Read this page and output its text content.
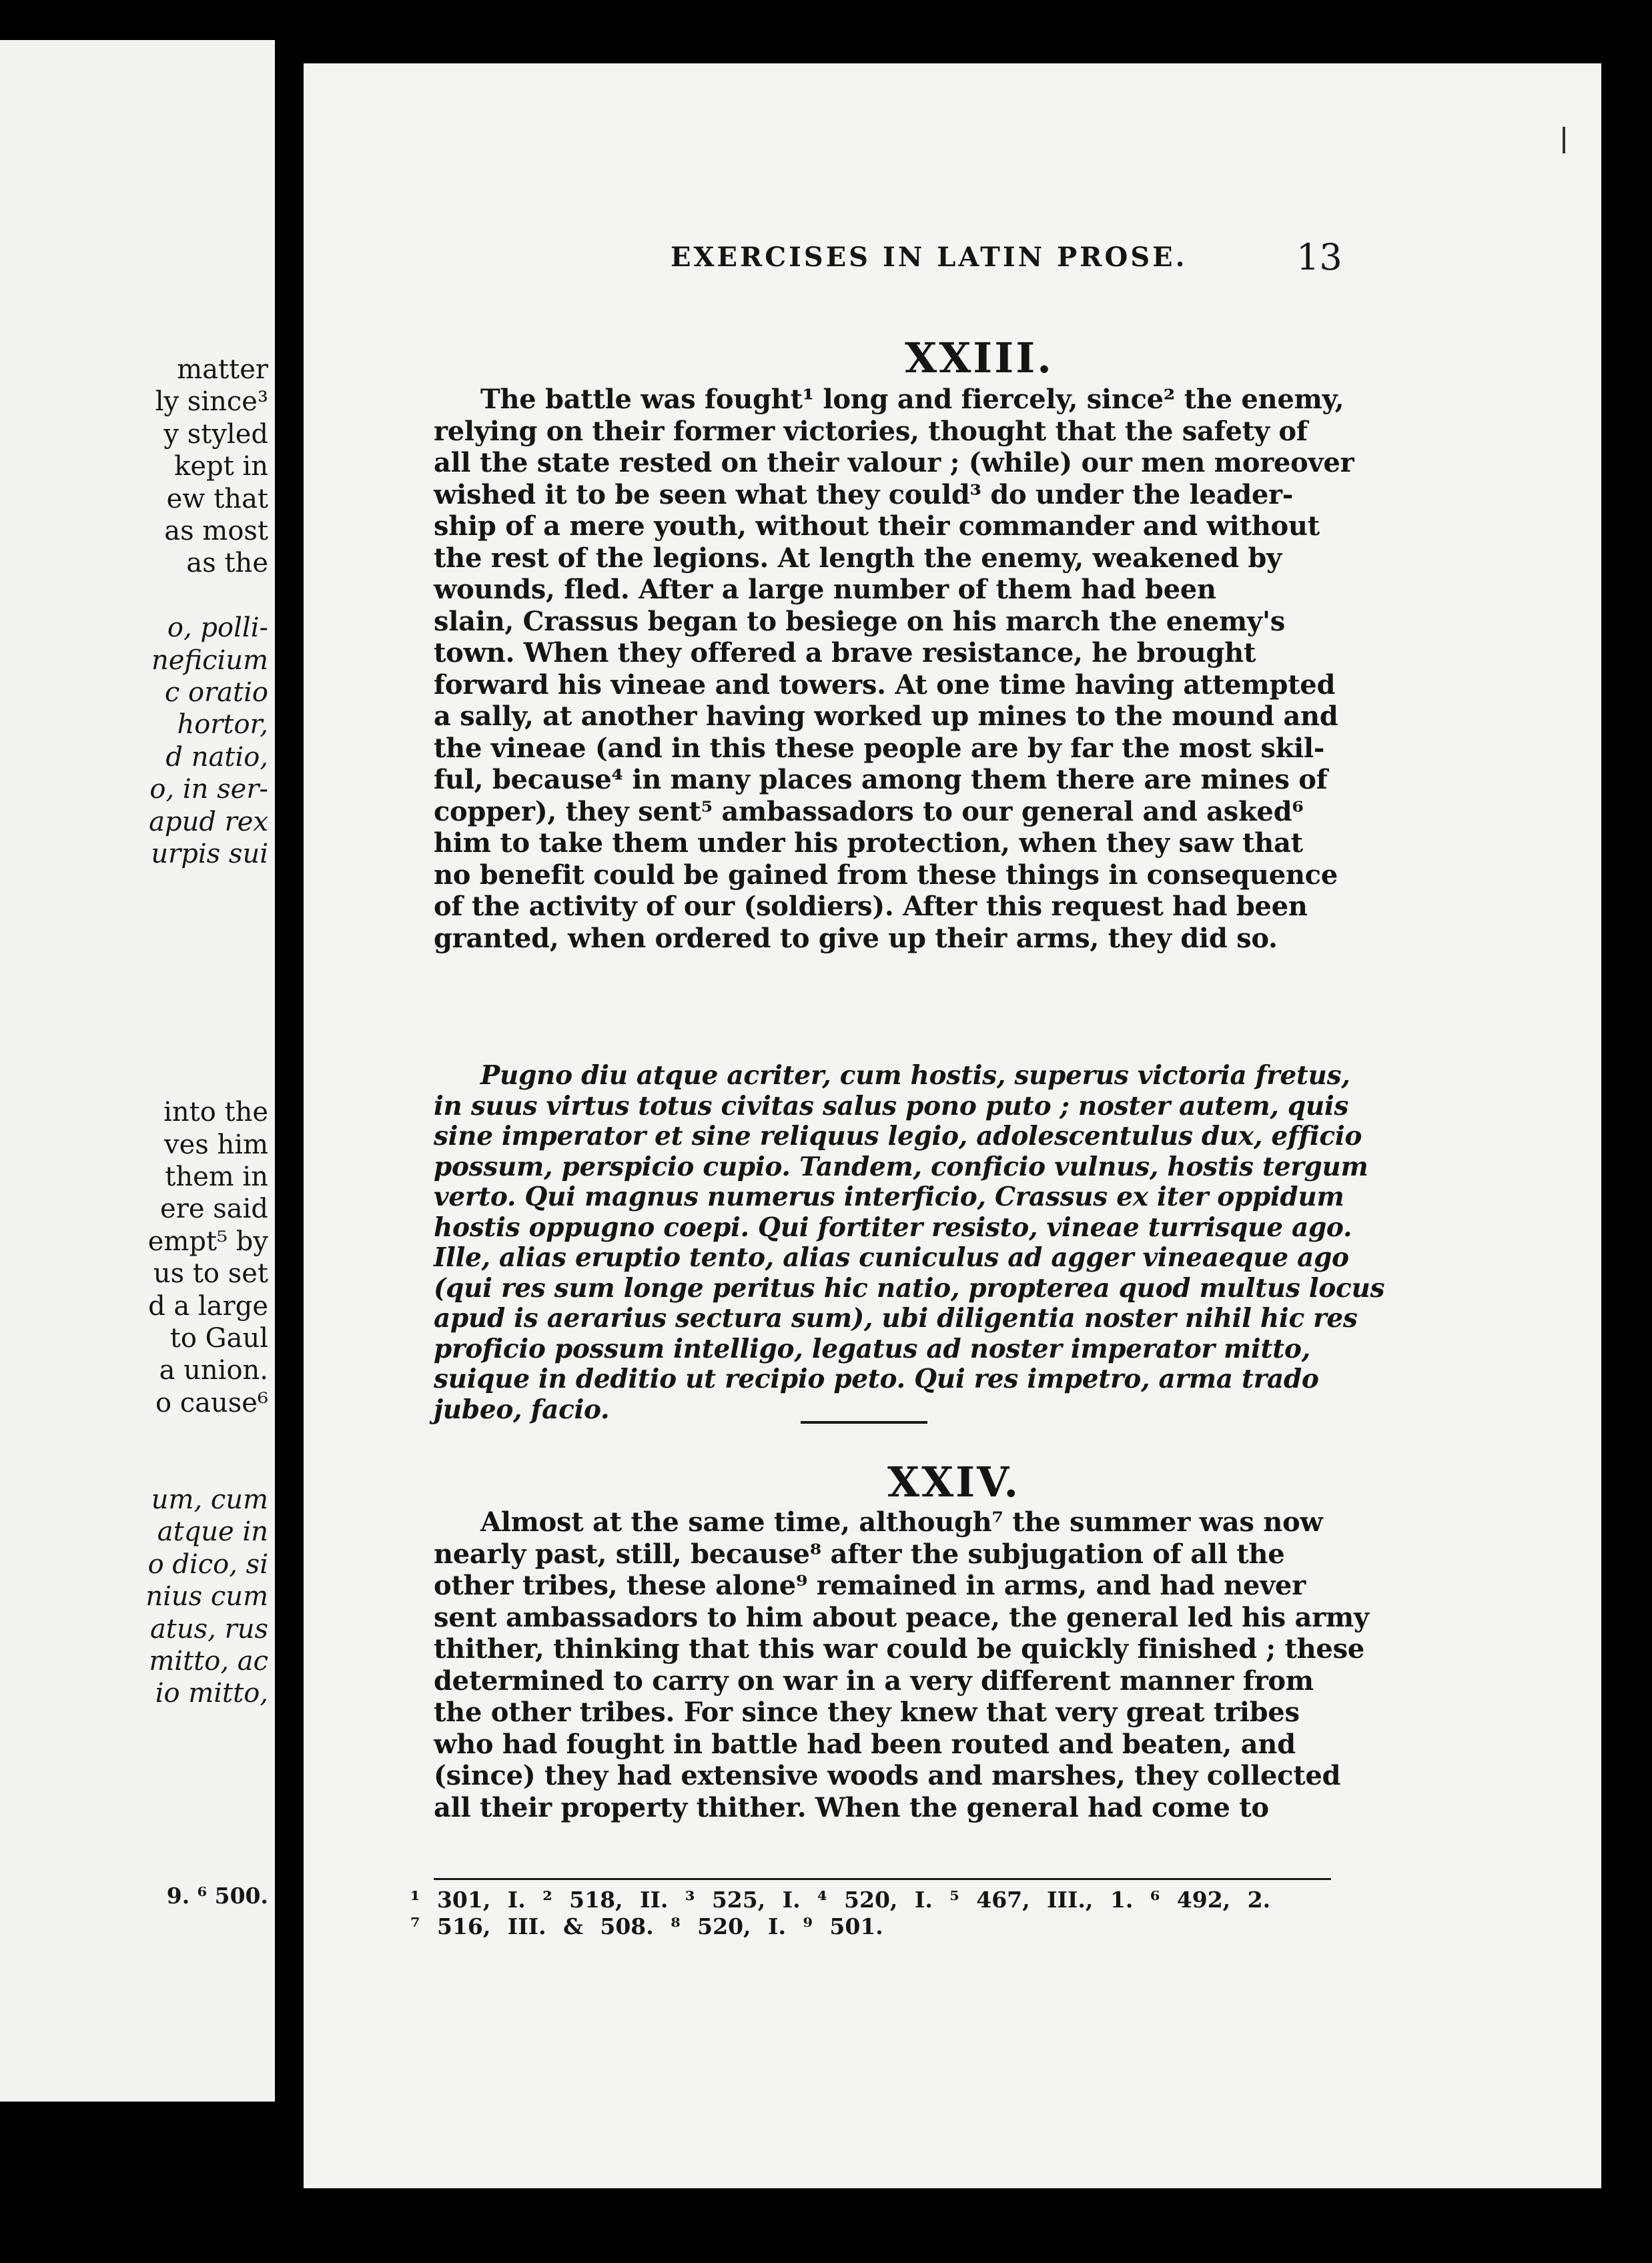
matter
ly since³
y styled
kept in
ew that
as most
as the
o, polli-
neficium
c oratio
hortor,
d natio,
o, in ser-
apud rex
urpis sui
into the
ves him
them in
ere said
empt⁵ by
us to set
d a large
to Gaul
a union.
o cause⁶
um, cum
atque in
o dico, si
nius cum
atus, rus
mitto, ac
io mitto,
9. ⁶ 500.
EXERCISES IN LATIN PROSE.	13
XXIII.

The battle was fought¹ long and fiercely, since² the enemy,

relying on their former victories, thought that the safety of

all the state rested on their valour ; (while) our men moreover

wished it to be seen what they could³ do under the leader-

ship of a mere youth, without their commander and without

the rest of the legions. At length the enemy, weakened by

wounds, fled. After a large number of them had been

slain, Crassus began to besiege on his march the enemy's

town. When they offered a brave resistance, he brought

forward his vineae and towers. At one time having attempted

a sally, at another having worked up mines to the mound and

the vineae (and in this these people are by far the most skil-

ful, because⁴ in many places among them there are mines of

copper), they sent⁵ ambassadors to our general and asked⁶

him to take them under his protection, when they saw that

no benefit could be gained from these things in consequence

of the activity of our (soldiers). After this request had been

granted, when ordered to give up their arms, they did so.

Pugno diu atque acriter, cum hostis, superus victoria fretus,

in suus virtus totus civitas salus pono puto ; noster autem, quis

sine imperator et sine reliquus legio, adolescentulus dux, efficio

possum, perspicio cupio. Tandem, conficio vulnus, hostis tergum

verto. Qui magnus numerus interficio, Crassus ex iter oppidum

hostis oppugno coepi. Qui fortiter resisto, vineae turrisque ago.

Ille, alias eruptio tento, alias cuniculus ad agger vineaeque ago

(qui res sum longe peritus hic natio, propterea quod multus locus

apud is aerarius sectura sum), ubi diligentia noster nihil hic res

proficio possum intelligo, legatus ad noster imperator mitto,

suique in deditio ut recipio peto. Qui res impetro, arma trado

jubeo, facio.

XXIV.

Almost at the same time, although⁷ the summer was now

nearly past, still, because⁸ after the subjugation of all the

other tribes, these alone⁹ remained in arms, and had never

sent ambassadors to him about peace, the general led his army

thither, thinking that this war could be quickly finished ; these

determined to carry on war in a very different manner from

the other tribes. For since they knew that very great tribes

who had fought in battle had been routed and beaten, and

(since) they had extensive woods and marshes, they collected

all their property thither. When the general had come to

¹ 301, I. ² 518, II. ³ 525, I. ⁴ 520, I. ⁵ 467, III., 1. ⁶ 492, 2.

⁷ 516, III. & 508. ⁸ 520, I. ⁹ 501.
